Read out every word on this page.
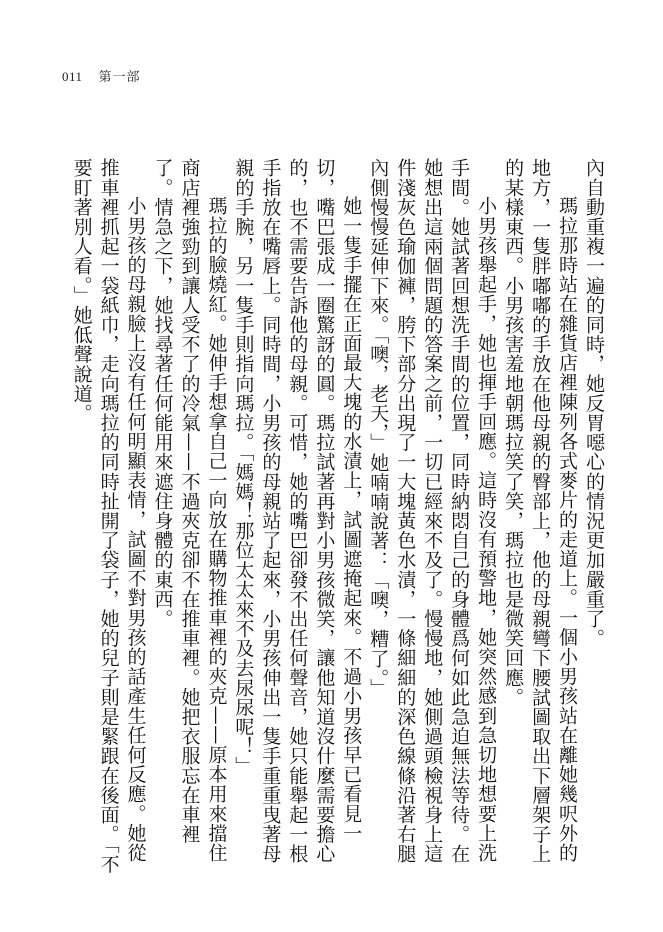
011 第一部

內自動重複一遍的同時，她反胃噁心的情況更加嚴重了。

瑪拉那時站在雜貨店裡陳列各式麥片的走道上。一個小男孩站在離她幾呎外的地方，一隻胖嘟嘟的手放在他母親的臀部上，他的母親彎下腰試圖取出下層架子上的某樣東西。小男孩害羞地朝瑪拉笑了笑，瑪拉也是微笑回應。

小男孩舉起手，她也揮手回應。這時沒有預警地，她突然感到急切地想要上洗手間。她試著回想洗手間的位置，同時納悶自己的身體爲何如此急迫無法等待。在她想出這兩個問題的答案之前，一切已經來不及了。慢慢地，她側過頭檢視身上這件淺灰色瑜伽褲，胯下部分出現了一大塊黃色水漬，一條細細的深色線條沿著右腿內側慢慢延伸下來。「噢，老天，」她喃喃說著：「噢，糟了。」

她一隻手擺在正面最大塊的水漬上，試圖遮掩起來。不過小男孩早已看見一切，嘴巴張成一圈驚訝的圓。瑪拉試著再對小男孩微笑，讓他知道沒什麼需要擔心的，也不需要告訴他的母親。可惜，她的嘴巴卻發不出任何聲音，她只能舉起一根手指放在嘴唇上。同時間，小男孩的母親站了起來，小男孩伸出一隻手重重曳著母親的手腕，另一隻手則指向瑪拉。「媽媽！那位太太來不及去尿尿呢！」

瑪拉的臉燒紅。她伸手想拿自己一向放在購物推車裡的夾克——原本用來擋住商店裡強勁到讓人受不了的冷氣——不過夾克卻不在推車裡。她把衣服忘在車裡了。情急之下，她找尋著任何能用來遮住身體的東西。

小男孩的母親臉上沒有任何明顯表情，試圖不對男孩的話產生任何反應。她從推車裡抓起一袋紙巾，走向瑪拉的同時扯開了袋子，她的兒子則是緊跟在後面。「不要盯著別人看。」她低聲說道。
